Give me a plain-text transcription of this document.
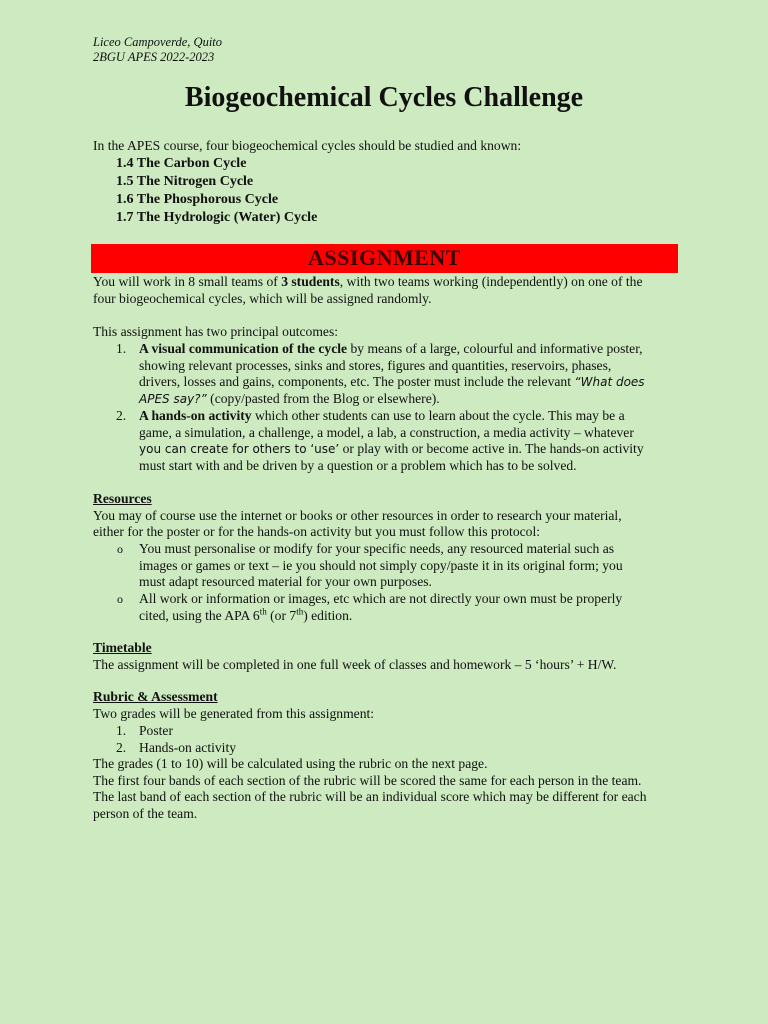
Liceo Campoverde, Quito
2BGU APES 2022-2023
Biogeochemical Cycles Challenge
In the APES course, four biogeochemical cycles should be studied and known:
1.4 The Carbon Cycle
1.5 The Nitrogen Cycle
1.6 The Phosphorous Cycle
1.7 The Hydrologic (Water) Cycle
ASSIGNMENT
You will work in 8 small teams of 3 students, with two teams working (independently) on one of the
four biogeochemical cycles, which will be assigned randomly.
This assignment has two principal outcomes:
1. A visual communication of the cycle by means of a large, colourful and informative poster,
showing relevant processes, sinks and stores, figures and quantities, reservoirs, phases,
drivers, losses and gains, components, etc. The poster must include the relevant “What does
APES say?” (copy/pasted from the Blog or elsewhere).
2. A hands-on activity which other students can use to learn about the cycle. This may be a
game, a simulation, a challenge, a model, a lab, a construction, a media activity – whatever
you can create for others to ‘use’ or play with or become active in. The hands-on activity
must start with and be driven by a question or a problem which has to be solved.
Resources
You may of course use the internet or books or other resources in order to research your material,
either for the poster or for the hands-on activity but you must follow this protocol:
o You must personalise or modify for your specific needs, any resourced material such as
images or games or text – ie you should not simply copy/paste it in its original form; you
must adapt resourced material for your own purposes.
o All work or information or images, etc which are not directly your own must be properly
cited, using the APA 6th (or 7th) edition.
Timetable
The assignment will be completed in one full week of classes and homework – 5 ‘hours’ + H/W.
Rubric & Assessment
Two grades will be generated from this assignment:
1. Poster
2. Hands-on activity
The grades (1 to 10) will be calculated using the rubric on the next page.
The first four bands of each section of the rubric will be scored the same for each person in the team.
The last band of each section of the rubric will be an individual score which may be different for each
person of the team.
